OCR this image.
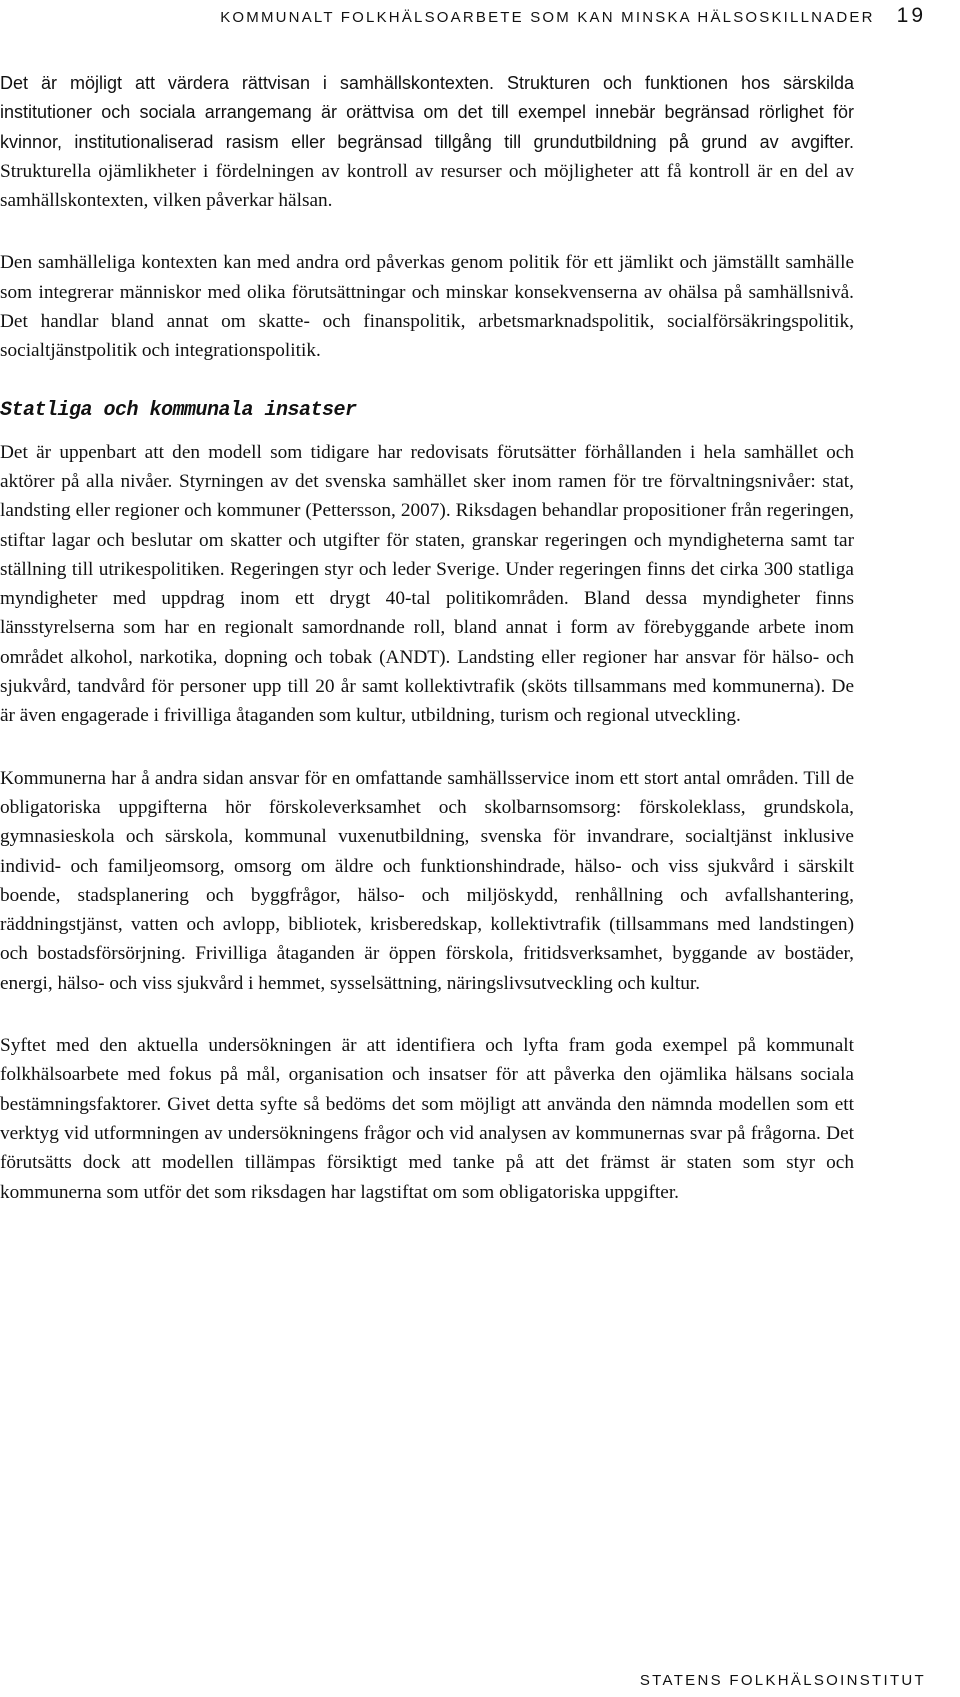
KOMMUNALT FOLKHÄLSOARBETE SOM KAN MINSKA HÄLSOSKILLNADER 19

Det är möjligt att värdera rättvisan i samhällskontexten. Strukturen och funktionen hos särskilda institutioner och sociala arrangemang är orättvisa om det till exempel innebär begränsad rörlighet för kvinnor, institutionaliserad rasism eller begränsad tillgång till grundutbildning på grund av avgifter. Strukturella ojämlikheter i fördelningen av kontroll av resurser och möjligheter att få kontroll är en del av samhällskontexten, vilken påverkar hälsan.

Den samhälleliga kontexten kan med andra ord påverkas genom politik för ett jämlikt och jämställt samhälle som integrerar människor med olika förutsättningar och minskar konsekvenserna av ohälsa på samhällsnivå. Det handlar bland annat om skatte- och finanspolitik, arbetsmarknadspolitik, socialförsäkringspolitik, socialtjänstpolitik och integrationspolitik.

Statliga och kommunala insatser

Det är uppenbart att den modell som tidigare har redovisats förutsätter förhållanden i hela samhället och aktörer på alla nivåer. Styrningen av det svenska samhället sker inom ramen för tre förvaltningsnivåer: stat, landsting eller regioner och kommuner (Pettersson, 2007). Riksdagen behandlar propositioner från regeringen, stiftar lagar och beslutar om skatter och utgifter för staten, granskar regeringen och myndigheterna samt tar ställning till utrikespolitiken. Regeringen styr och leder Sverige. Under regeringen finns det cirka 300 statliga myndigheter med uppdrag inom ett drygt 40-tal politikområden. Bland dessa myndigheter finns länsstyrelserna som har en regionalt samordnande roll, bland annat i form av förebyggande arbete inom området alkohol, narkotika, dopning och tobak (ANDT). Landsting eller regioner har ansvar för hälso- och sjukvård, tandvård för personer upp till 20 år samt kollektivtrafik (sköts tillsammans med kommunerna). De är även engagerade i frivilliga åtaganden som kultur, utbildning, turism och regional utveckling.

Kommunerna har å andra sidan ansvar för en omfattande samhällsservice inom ett stort antal områden. Till de obligatoriska uppgifterna hör förskoleverksamhet och skolbarnsomsorg: förskoleklass, grundskola, gymnasieskola och särskola, kommunal vuxenutbildning, svenska för invandrare, socialtjänst inklusive individ- och familjeomsorg, omsorg om äldre och funktionshindrade, hälso- och viss sjukvård i särskilt boende, stadsplanering och byggfrågor, hälso- och miljöskydd, renhållning och avfallshantering, räddningstjänst, vatten och avlopp, bibliotek, krisberedskap, kollektivtrafik (tillsammans med landstingen) och bostadsförsörjning. Frivilliga åtaganden är öppen förskola, fritidsverksamhet, byggande av bostäder, energi, hälso- och viss sjukvård i hemmet, sysselsättning, näringslivsutveckling och kultur.

Syftet med den aktuella undersökningen är att identifiera och lyfta fram goda exempel på kommunalt folkhälsoarbete med fokus på mål, organisation och insatser för att påverka den ojämlika hälsans sociala bestämningsfaktorer. Givet detta syfte så bedöms det som möjligt att använda den nämnda modellen som ett verktyg vid utformningen av undersökningens frågor och vid analysen av kommunernas svar på frågorna. Det förutsätts dock att modellen tillämpas försiktigt med tanke på att det främst är staten som styr och kommunerna som utför det som riksdagen har lagstiftat om som obligatoriska uppgifter.

STATENS FOLKHÄLSOINSTITUT
